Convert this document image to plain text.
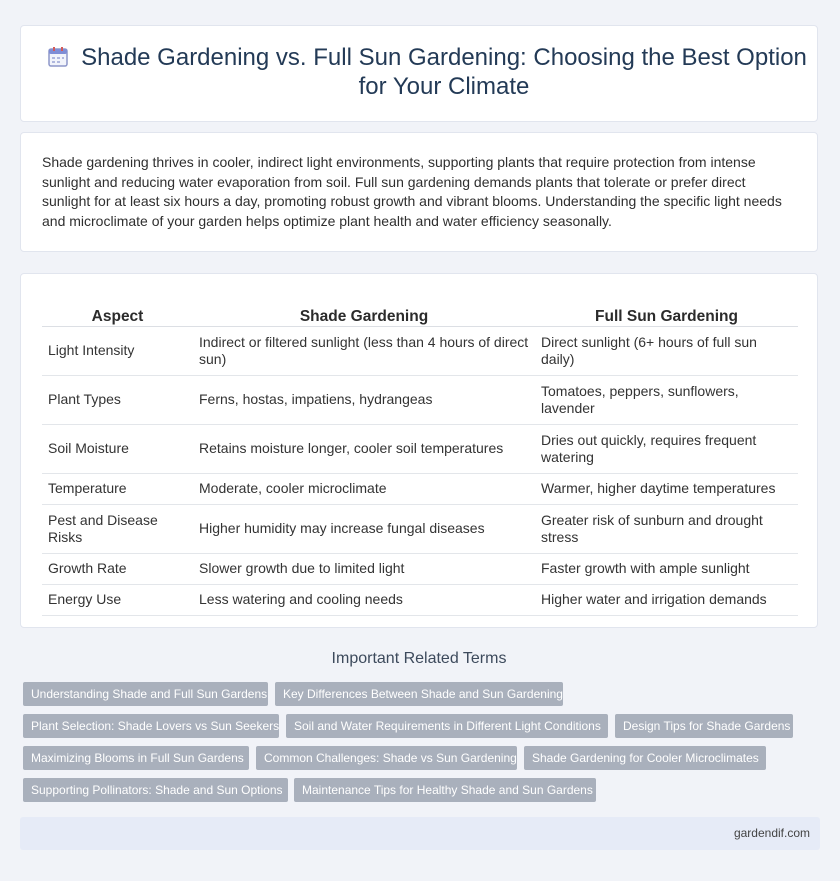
Shade Gardening vs. Full Sun Gardening: Choosing the Best Option for Your Climate

Shade gardening thrives in cooler, indirect light environments, supporting plants that require protection from intense sunlight and reducing water evaporation from soil. Full sun gardening demands plants that tolerate or prefer direct sunlight for at least six hours a day, promoting robust growth and vibrant blooms. Understanding the specific light needs and microclimate of your garden helps optimize plant health and water efficiency seasonally.

Aspect	Shade Gardening	Full Sun Gardening
Light Intensity	Indirect or filtered sunlight (less than 4 hours of direct sun)	Direct sunlight (6+ hours of full sun daily)
Plant Types	Ferns, hostas, impatiens, hydrangeas	Tomatoes, peppers, sunflowers, lavender
Soil Moisture	Retains moisture longer, cooler soil temperatures	Dries out quickly, requires frequent watering
Temperature	Moderate, cooler microclimate	Warmer, higher daytime temperatures
Pest and Disease Risks	Higher humidity may increase fungal diseases	Greater risk of sunburn and drought stress
Growth Rate	Slower growth due to limited light	Faster growth with ample sunlight
Energy Use	Less watering and cooling needs	Higher water and irrigation demands
Important Related Terms
Understanding Shade and Full Sun Gardens	Key Differences Between Shade and Sun Gardening
Plant Selection: Shade Lovers vs Sun Seekers	Soil and Water Requirements in Different Light Conditions	Design Tips for Shade Gardens
Maximizing Blooms in Full Sun Gardens	Common Challenges: Shade vs Sun Gardening	Shade Gardening for Cooler Microclimates
Supporting Pollinators: Shade and Sun Options	Maintenance Tips for Healthy Shade and Sun Gardens
gardendif.com
